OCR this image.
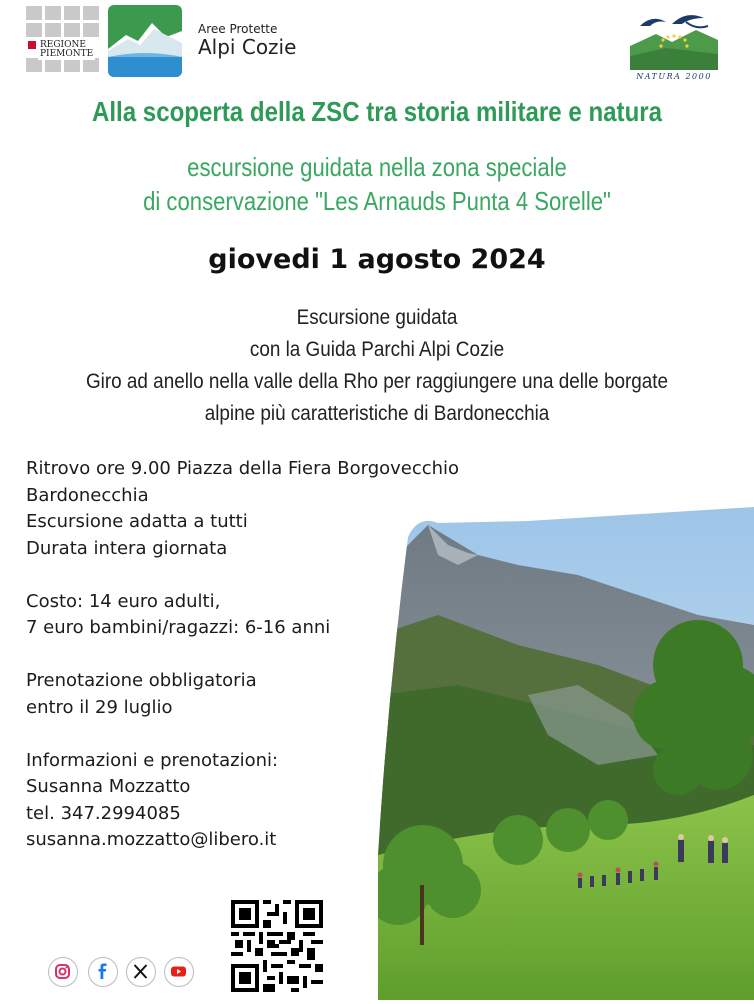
REGIONE
PIEMONTE
Aree Protette
Alpi Cozie
NATURA 2000
Alla scoperta della ZSC tra storia militare e natura
escursione guidata nella zona speciale
di conservazione "Les Arnauds Punta 4 Sorelle"
giovedi 1 agosto 2024
Escursione guidata
con la Guida Parchi Alpi Cozie
Giro ad anello nella valle della Rho per raggiungere una delle borgate
alpine più caratteristiche di Bardonecchia
Ritrovo ore 9.00 Piazza della Fiera Borgovecchio Bardonecchia
Escursione adatta a tutti
Durata intera giornata
Costo: 14 euro adulti,
7 euro bambini/ragazzi: 6-16 anni
Prenotazione obbligatoria
entro il 29 luglio
Informazioni e prenotazioni:
Susanna Mozzatto
tel. 347.2994085
susanna.mozzatto@libero.it
